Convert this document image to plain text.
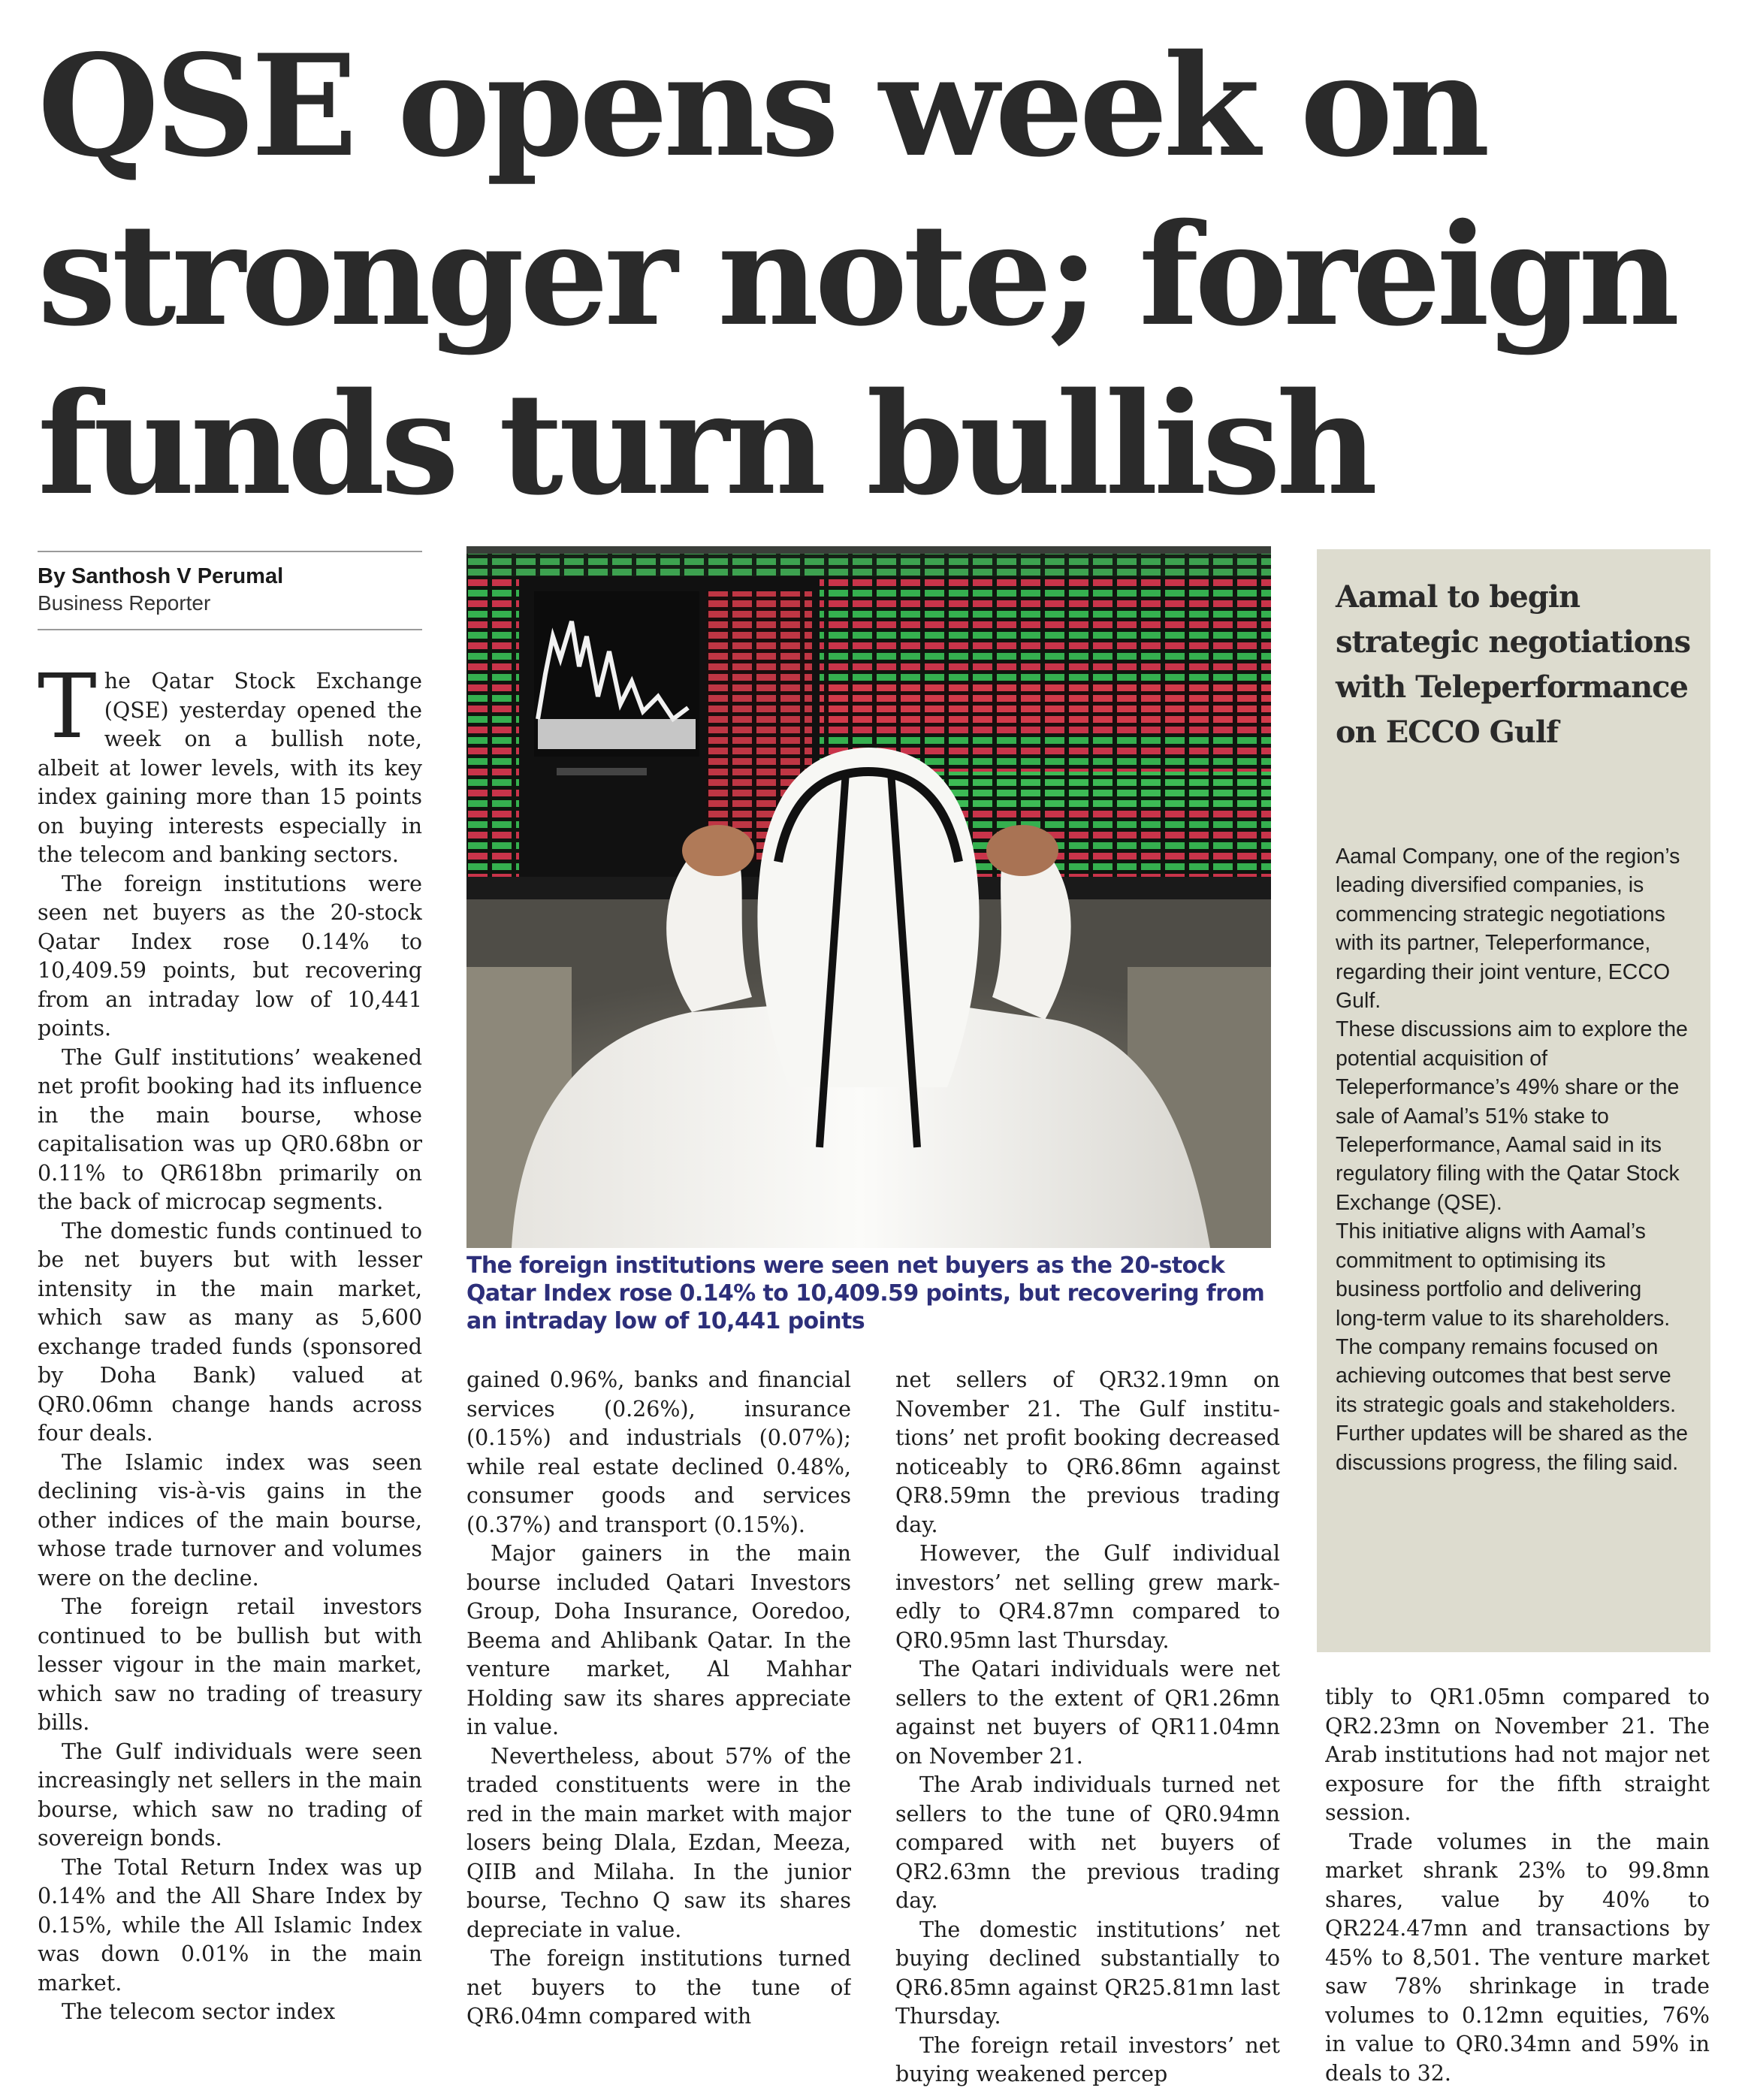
QSE opens week on
stronger note; foreign
funds turn bullish
By Santhosh V Perumal
Business Reporter

The Qatar Stock Exchange (QSE) yesterday opened the week on a bullish note, albeit at lower levels, with its key index gaining more than 15 points on buying interests especially in the telecom and banking sectors.

The foreign institutions were seen net buyers as the 20-stock Qatar Index rose 0.14% to 10,409.59 points, but recovering from an intraday low of 10,441 points.

The Gulf institutions’ weakened net profit booking had its influence in the main bourse, whose capitalisation was up QR0.68bn or 0.11% to QR618bn primarily on the back of microcap segments.

The domestic funds continued to be net buyers but with lesser intensity in the main market, which saw as many as 5,600 exchange traded funds (sponsored by Doha Bank) valued at QR0.06mn change hands across four deals.

The Islamic index was seen declining vis-à-vis gains in the other indices of the main bourse, whose trade turnover and volumes were on the decline.

The foreign retail investors continued to be bullish but with lesser vigour in the main market, which saw no trading of treasury bills.

The Gulf individuals were seen increasingly net sellers in the main bourse, which saw no trading of sovereign bonds.

The Total Return Index was up 0.14% and the All Share Index by 0.15%, while the All Islamic Index was down 0.01% in the main market.

The telecom sector index

The foreign institutions were seen net buyers as the 20-stock Qatar Index rose 0.14% to 10,409.59 points, but recovering from an intraday low of 10,441 points

gained 0.96%, banks and financial services (0.26%), insurance (0.15%) and industrials (0.07%); while real estate declined 0.48%, consumer goods and services (0.37%) and transport (0.15%).

Major gainers in the main bourse included Qatari Investors Group, Doha Insurance, Ooredoo, Beema and Ahlibank Qatar. In the venture market, Al Mahhar Holding saw its shares appreciate in value.

Nevertheless, about 57% of the traded constituents were in the red in the main market with major losers being Dlala, Ezdan, Meeza, QIIB and Milaha. In the junior bourse, Techno Q saw its shares depreciate in value.

The foreign institutions turned net buyers to the tune of QR6.04mn compared with

net sellers of QR32.19mn on November 21. The Gulf institutions’ net profit booking decreased noticeably to QR6.86mn against QR8.59mn the previous trading day.

However, the Gulf individual investors’ net selling grew markedly to QR4.87mn compared to QR0.95mn last Thursday.

The Qatari individuals were net sellers to the extent of QR1.26mn against net buyers of QR11.04mn on November 21.

The Arab individuals turned net sellers to the tune of QR0.94mn compared with net buyers of QR2.63mn the previous trading day.

The domestic institutions’ net buying declined substantially to QR6.85mn against QR25.81mn last Thursday.

The foreign retail investors’ net buying weakened percep

Aamal to begin strategic negotiations with Teleperformance on ECCO Gulf

Aamal Company, one of the region’s leading diversified companies, is commencing strategic negotiations with its partner, Teleperformance, regarding their joint venture, ECCO Gulf.

These discussions aim to explore the potential acquisition of Teleperformance’s 49% share or the sale of Aamal’s 51% stake to Teleperformance, Aamal said in its regulatory filing with the Qatar Stock Exchange (QSE).

This initiative aligns with Aamal’s commitment to optimising its business portfolio and delivering long-term value to its shareholders.

The company remains focused on achieving outcomes that best serve its strategic goals and stakeholders.

Further updates will be shared as the discussions progress, the filing said.

tibly to QR1.05mn compared to QR2.23mn on November 21. The Arab institutions had not major net exposure for the fifth straight session.

Trade volumes in the main market shrank 23% to 99.8mn shares, value by 40% to QR224.47mn and transactions by 45% to 8,501. The venture market saw 78% shrinkage in trade volumes to 0.12mn equities, 76% in value to QR0.34mn and 59% in deals to 32.
